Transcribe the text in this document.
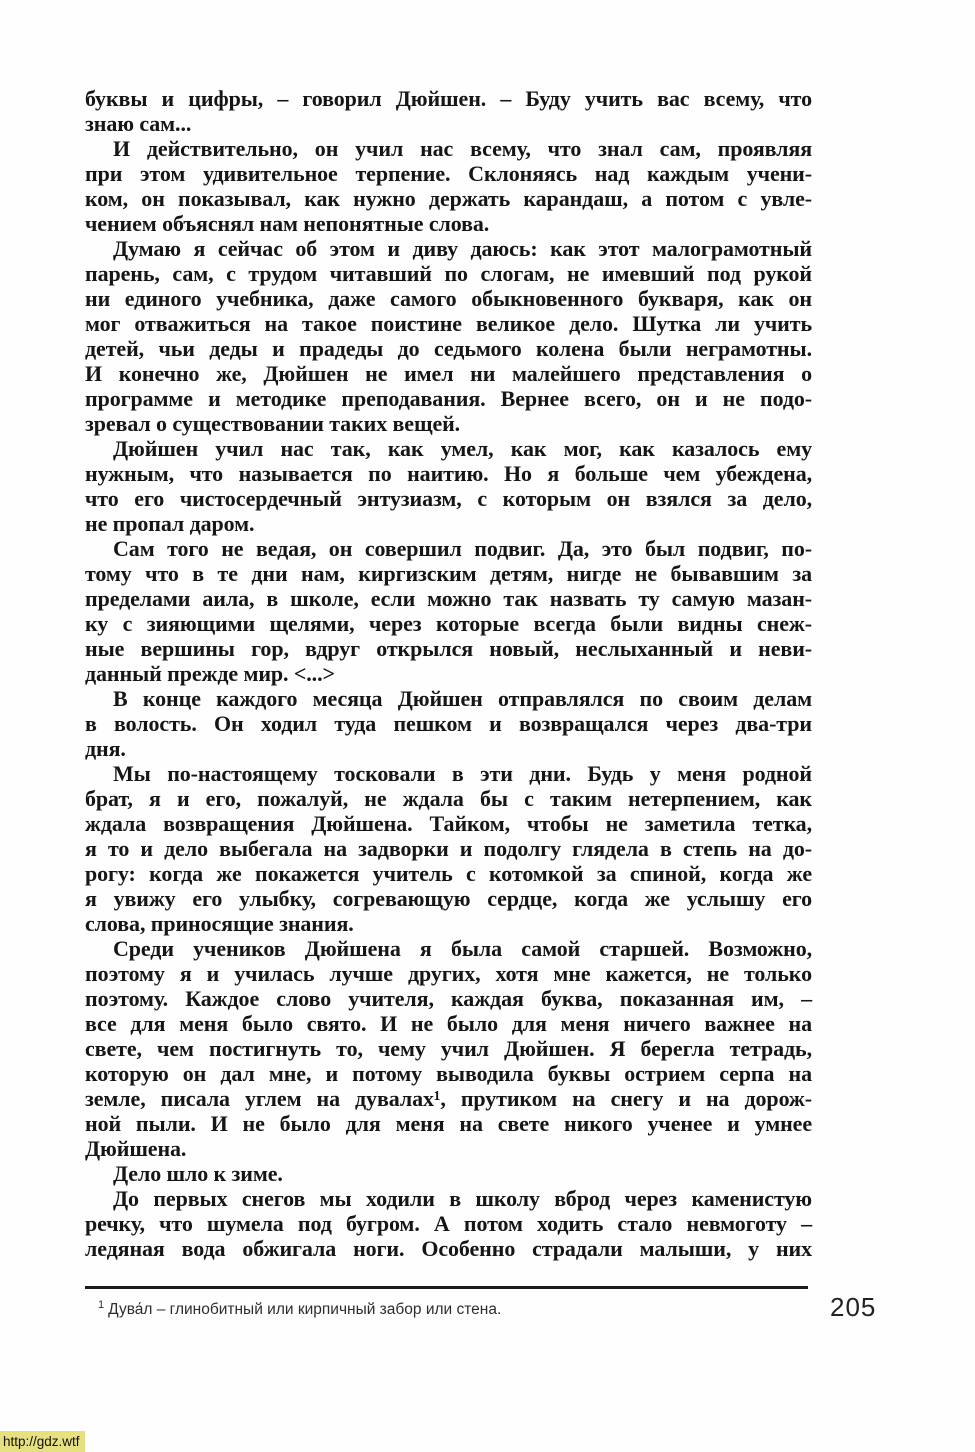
буквы и цифры, – говорил Дюйшен. – Буду учить вас всему, что
знаю сам...
И действительно, он учил нас всему, что знал сам, проявляя
при этом удивительное терпение. Склоняясь над каждым учени-
ком, он показывал, как нужно держать карандаш, а потом с увле-
чением объяснял нам непонятные слова.
Думаю я сейчас об этом и диву даюсь: как этот малограмотный
парень, сам, с трудом читавший по слогам, не имевший под рукой
ни единого учебника, даже самого обыкновенного букваря, как он
мог отважиться на такое поистине великое дело. Шутка ли учить
детей, чьи деды и прадеды до седьмого колена были неграмотны.
И конечно же, Дюйшен не имел ни малейшего представления о
программе и методике преподавания. Вернее всего, он и не подо-
зревал о существовании таких вещей.
Дюйшен учил нас так, как умел, как мог, как казалось ему
нужным, что называется по наитию. Но я больше чем убеждена,
что его чистосердечный энтузиазм, с которым он взялся за дело,
не пропал даром.
Сам того не ведая, он совершил подвиг. Да, это был подвиг, по-
тому что в те дни нам, киргизским детям, нигде не бывавшим за
пределами аила, в школе, если можно так назвать ту самую мазан-
ку с зияющими щелями, через которые всегда были видны снеж-
ные вершины гор, вдруг открылся новый, неслыханный и неви-
данный прежде мир. <...>
В конце каждого месяца Дюйшен отправлялся по своим делам
в волость. Он ходил туда пешком и возвращался через два-три
дня.
Мы по-настоящему тосковали в эти дни. Будь у меня родной
брат, я и его, пожалуй, не ждала бы с таким нетерпением, как
ждала возвращения Дюйшена. Тайком, чтобы не заметила тетка,
я то и дело выбегала на задворки и подолгу глядела в степь на до-
рогу: когда же покажется учитель с котомкой за спиной, когда же
я увижу его улыбку, согревающую сердце, когда же услышу его
слова, приносящие знания.
Среди учеников Дюйшена я была самой старшей. Возможно,
поэтому я и училась лучше других, хотя мне кажется, не только
поэтому. Каждое слово учителя, каждая буква, показанная им, –
все для меня было свято. И не было для меня ничего важнее на
свете, чем постигнуть то, чему учил Дюйшен. Я берегла тетрадь,
которую он дал мне, и потому выводила буквы острием серпа на
земле, писала углем на дувалах¹, прутиком на снегу и на дорож-
ной пыли. И не было для меня на свете никого ученее и умнее
Дюйшена.
Дело шло к зиме.
До первых снегов мы ходили в школу вброд через каменистую
речку, что шумела под бугром. А потом ходить стало невмоготу –
ледяная вода обжигала ноги. Особенно страдали малыши, у них
$^1$ Дува́л – глинобитный или кирпичный забор или стена.	205
http://gdz.wtf
